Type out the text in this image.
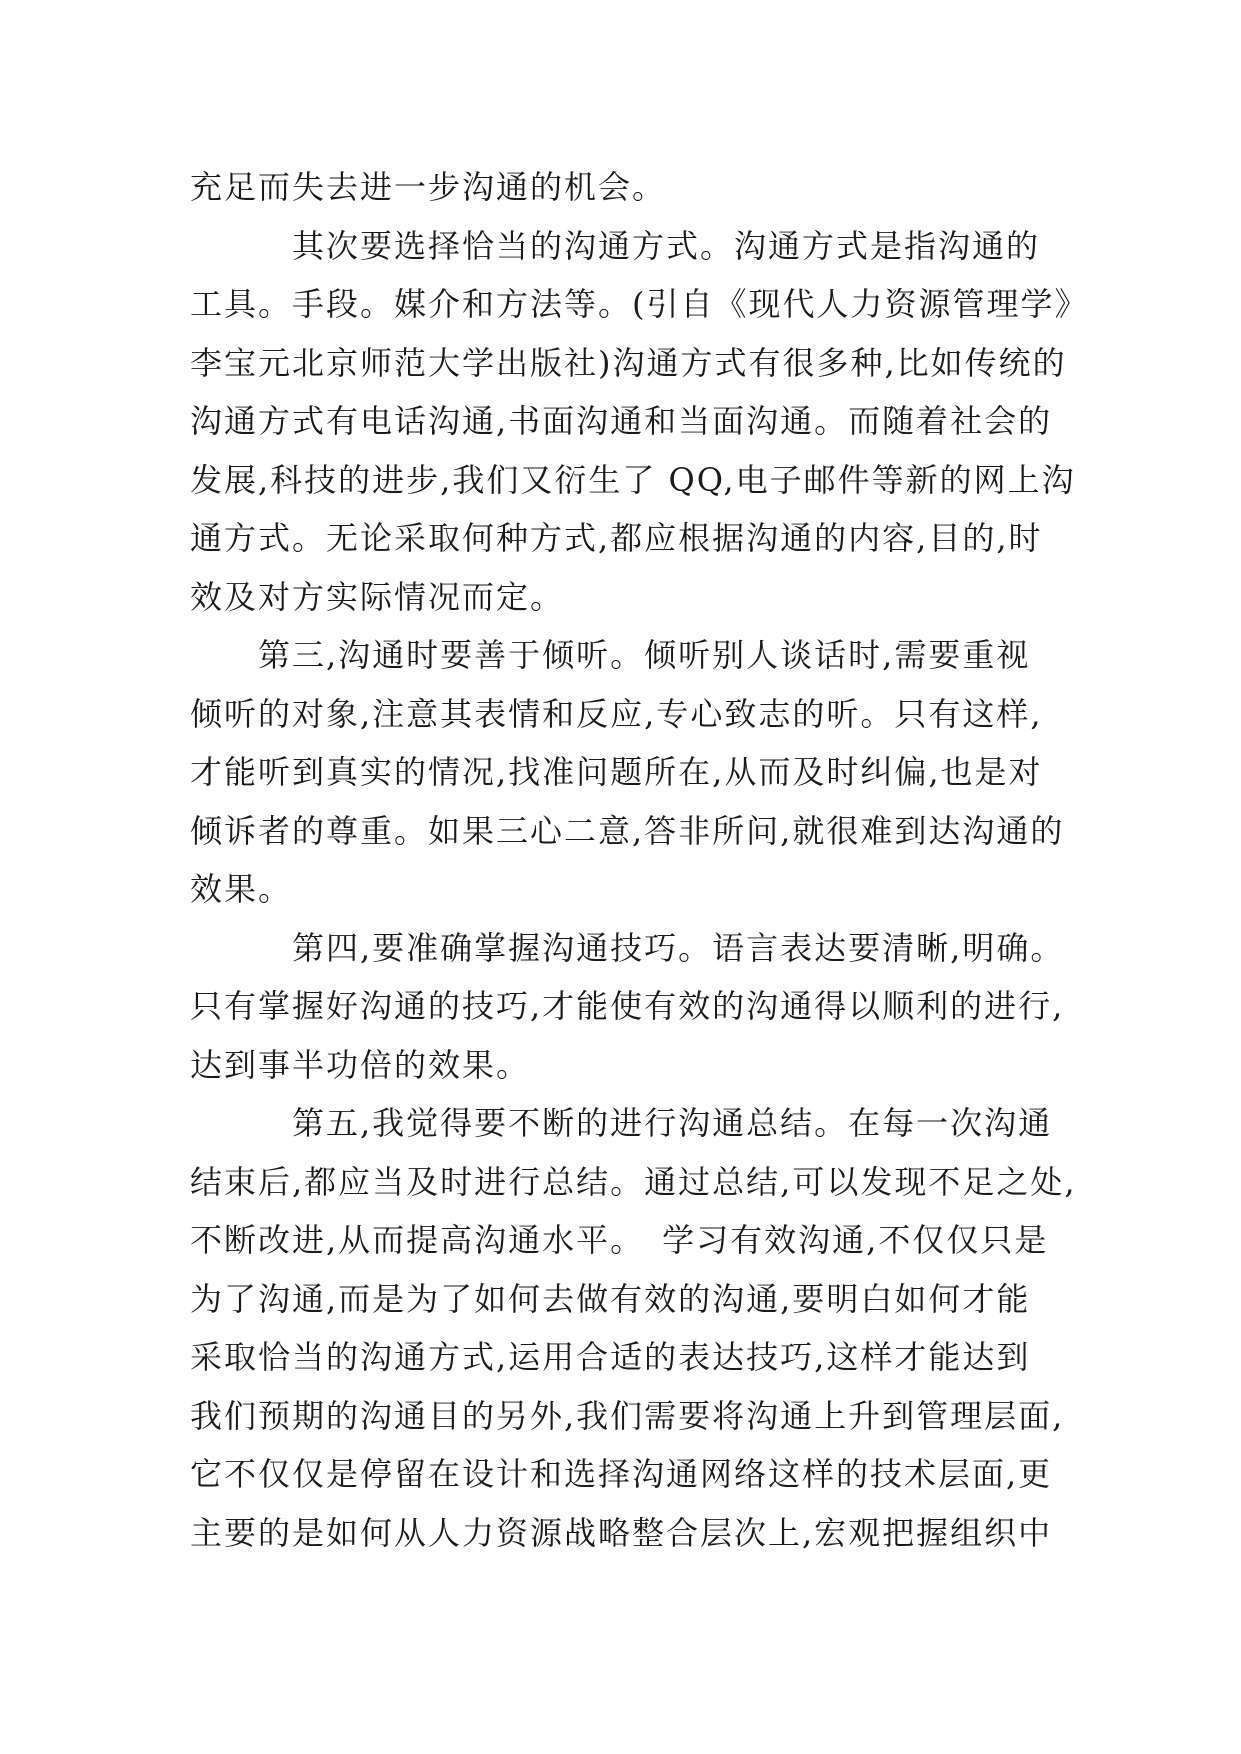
充足而失去进一步沟通的机会。
　　　其次要选择恰当的沟通方式。沟通方式是指沟通的
工具。手段。媒介和方法等。(引自《现代人力资源管理学》
李宝元北京师范大学出版社)沟通方式有很多种,比如传统的
沟通方式有电话沟通,书面沟通和当面沟通。而随着社会的
发展,科技的进步,我们又衍生了 QQ,电子邮件等新的网上沟
通方式。无论采取何种方式,都应根据沟通的内容,目的,时
效及对方实际情况而定。
　　第三,沟通时要善于倾听。倾听别人谈话时,需要重视
倾听的对象,注意其表情和反应,专心致志的听。只有这样,
才能听到真实的情况,找准问题所在,从而及时纠偏,也是对
倾诉者的尊重。如果三心二意,答非所问,就很难到达沟通的
效果。
　　　第四,要准确掌握沟通技巧。语言表达要清晰,明确。
只有掌握好沟通的技巧,才能使有效的沟通得以顺利的进行,
达到事半功倍的效果。
　　　第五,我觉得要不断的进行沟通总结。在每一次沟通
结束后,都应当及时进行总结。通过总结,可以发现不足之处,
不断改进,从而提高沟通水平。　学习有效沟通,不仅仅只是
为了沟通,而是为了如何去做有效的沟通,要明白如何才能
采取恰当的沟通方式,运用合适的表达技巧,这样才能达到
我们预期的沟通目的另外,我们需要将沟通上升到管理层面,
它不仅仅是停留在设计和选择沟通网络这样的技术层面,更
主要的是如何从人力资源战略整合层次上,宏观把握组织中
